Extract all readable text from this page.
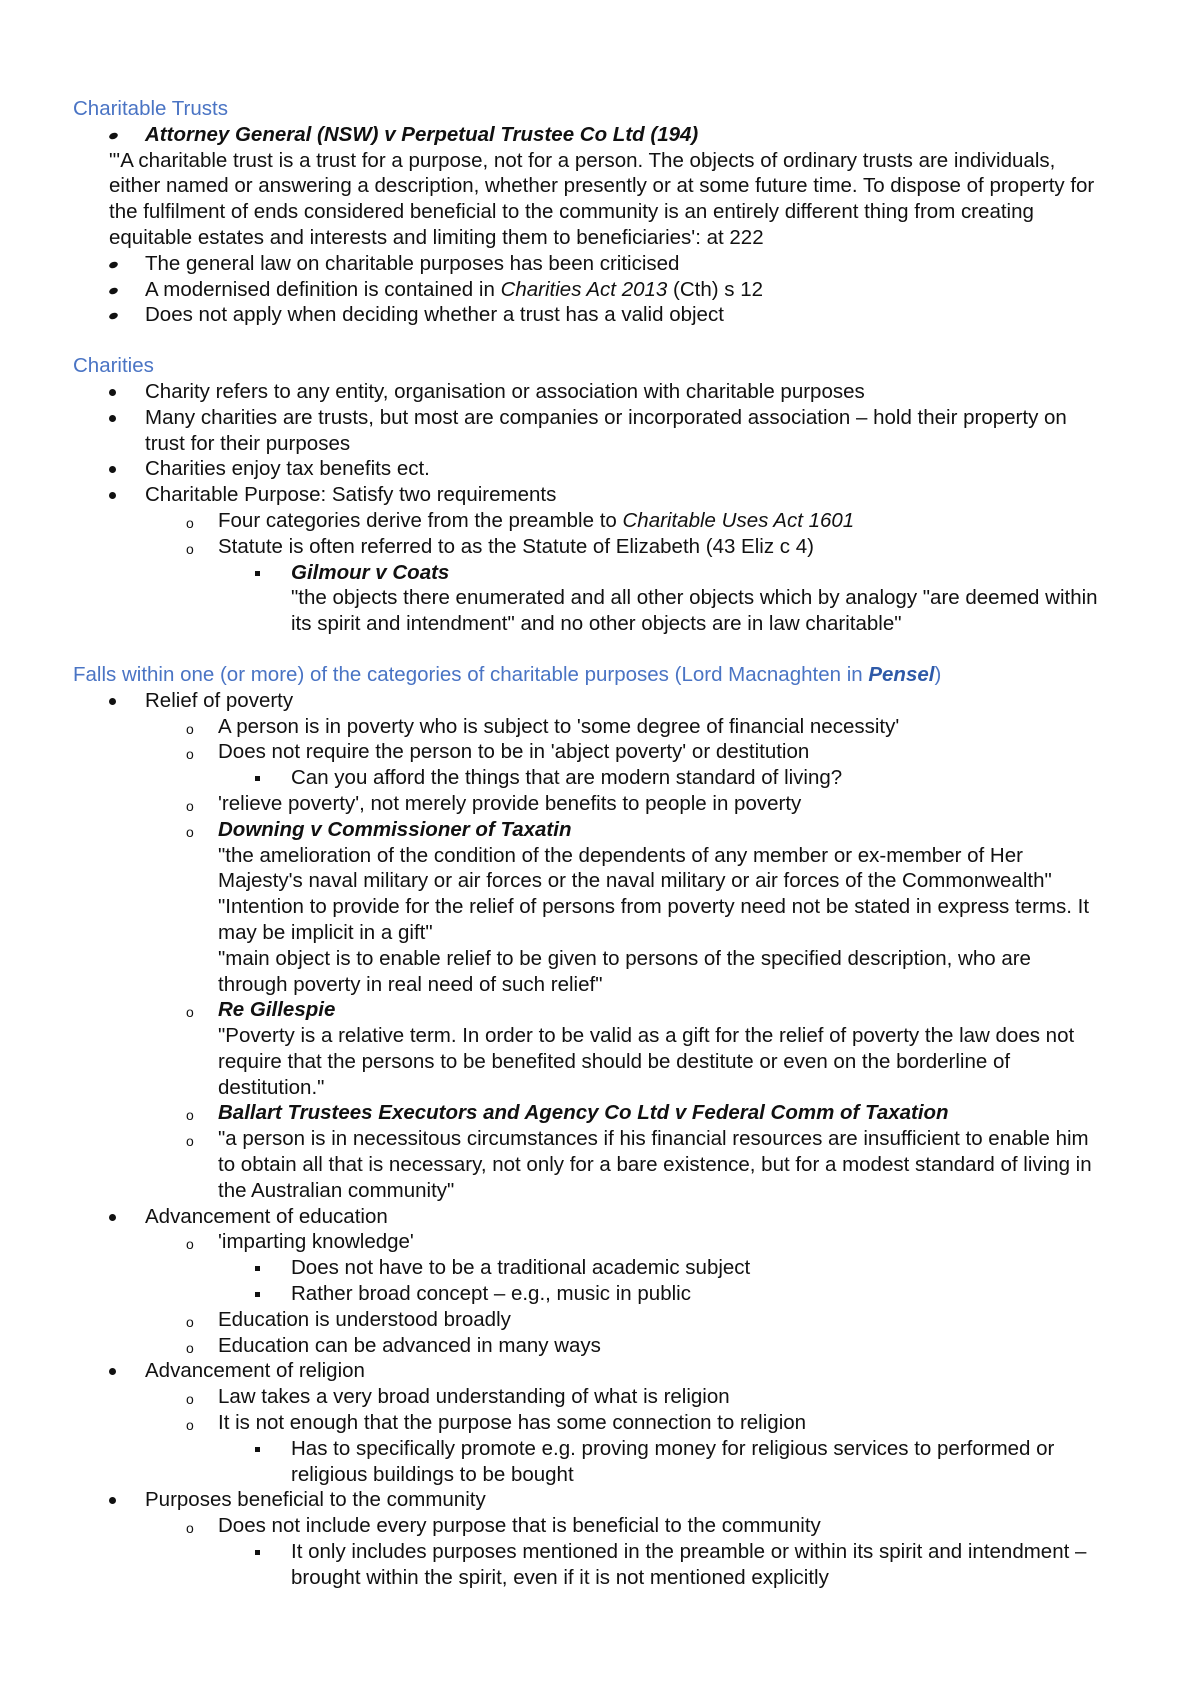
Charitable Trusts
Attorney General (NSW) v Perpetual Trustee Co Ltd (194)
"'A charitable trust is a trust for a purpose, not for a person. The objects of ordinary trusts are individuals, either named or answering a description, whether presently or at some future time. To dispose of property for the fulfilment of ends considered beneficial to the community is an entirely different thing from creating equitable estates and interests and limiting them to beneficiaries': at 222
The general law on charitable purposes has been criticised
A modernised definition is contained in Charities Act 2013 (Cth) s 12
Does not apply when deciding whether a trust has a valid object
Charities
Charity refers to any entity, organisation or association with charitable purposes
Many charities are trusts, but most are companies or incorporated association – hold their property on trust for their purposes
Charities enjoy tax benefits ect.
Charitable Purpose: Satisfy two requirements
o Four categories derive from the preamble to Charitable Uses Act 1601
o Statute is often referred to as the Statute of Elizabeth (43 Eliz c 4)
Gilmour v Coats
"the objects there enumerated and all other objects which by analogy "are deemed within its spirit and intendment" and no other objects are in law charitable"
Falls within one (or more) of the categories of charitable purposes (Lord Macnaghten in Pensel)
Relief of poverty
o A person is in poverty who is subject to 'some degree of financial necessity'
o Does not require the person to be in 'abject poverty' or destitution
Can you afford the things that are modern standard of living?
o 'relieve poverty', not merely provide benefits to people in poverty
o Downing v Commissioner of Taxatin
"the amelioration of the condition of the dependents of any member or ex-member of Her Majesty's naval military or air forces or the naval military or air forces of the Commonwealth"
"Intention to provide for the relief of persons from poverty need not be stated in express terms. It may be implicit in a gift"
"main object is to enable relief to be given to persons of the specified description, who are through poverty in real need of such relief"
o Re Gillespie
"Poverty is a relative term. In order to be valid as a gift for the relief of poverty the law does not require that the persons to be benefited should be destitute or even on the borderline of destitution."
o Ballart Trustees Executors and Agency Co Ltd v Federal Comm of Taxation
o "a person is in necessitous circumstances if his financial resources are insufficient to enable him to obtain all that is necessary, not only for a bare existence, but for a modest standard of living in the Australian community"
Advancement of education
o 'imparting knowledge'
Does not have to be a traditional academic subject
Rather broad concept – e.g., music in public
o Education is understood broadly
o Education can be advanced in many ways
Advancement of religion
o Law takes a very broad understanding of what is religion
o It is not enough that the purpose has some connection to religion
Has to specifically promote e.g. proving money for religious services to performed or religious buildings to be bought
Purposes beneficial to the community
o Does not include every purpose that is beneficial to the community
It only includes purposes mentioned in the preamble or within its spirit and intendment – brought within the spirit, even if it is not mentioned explicitly
